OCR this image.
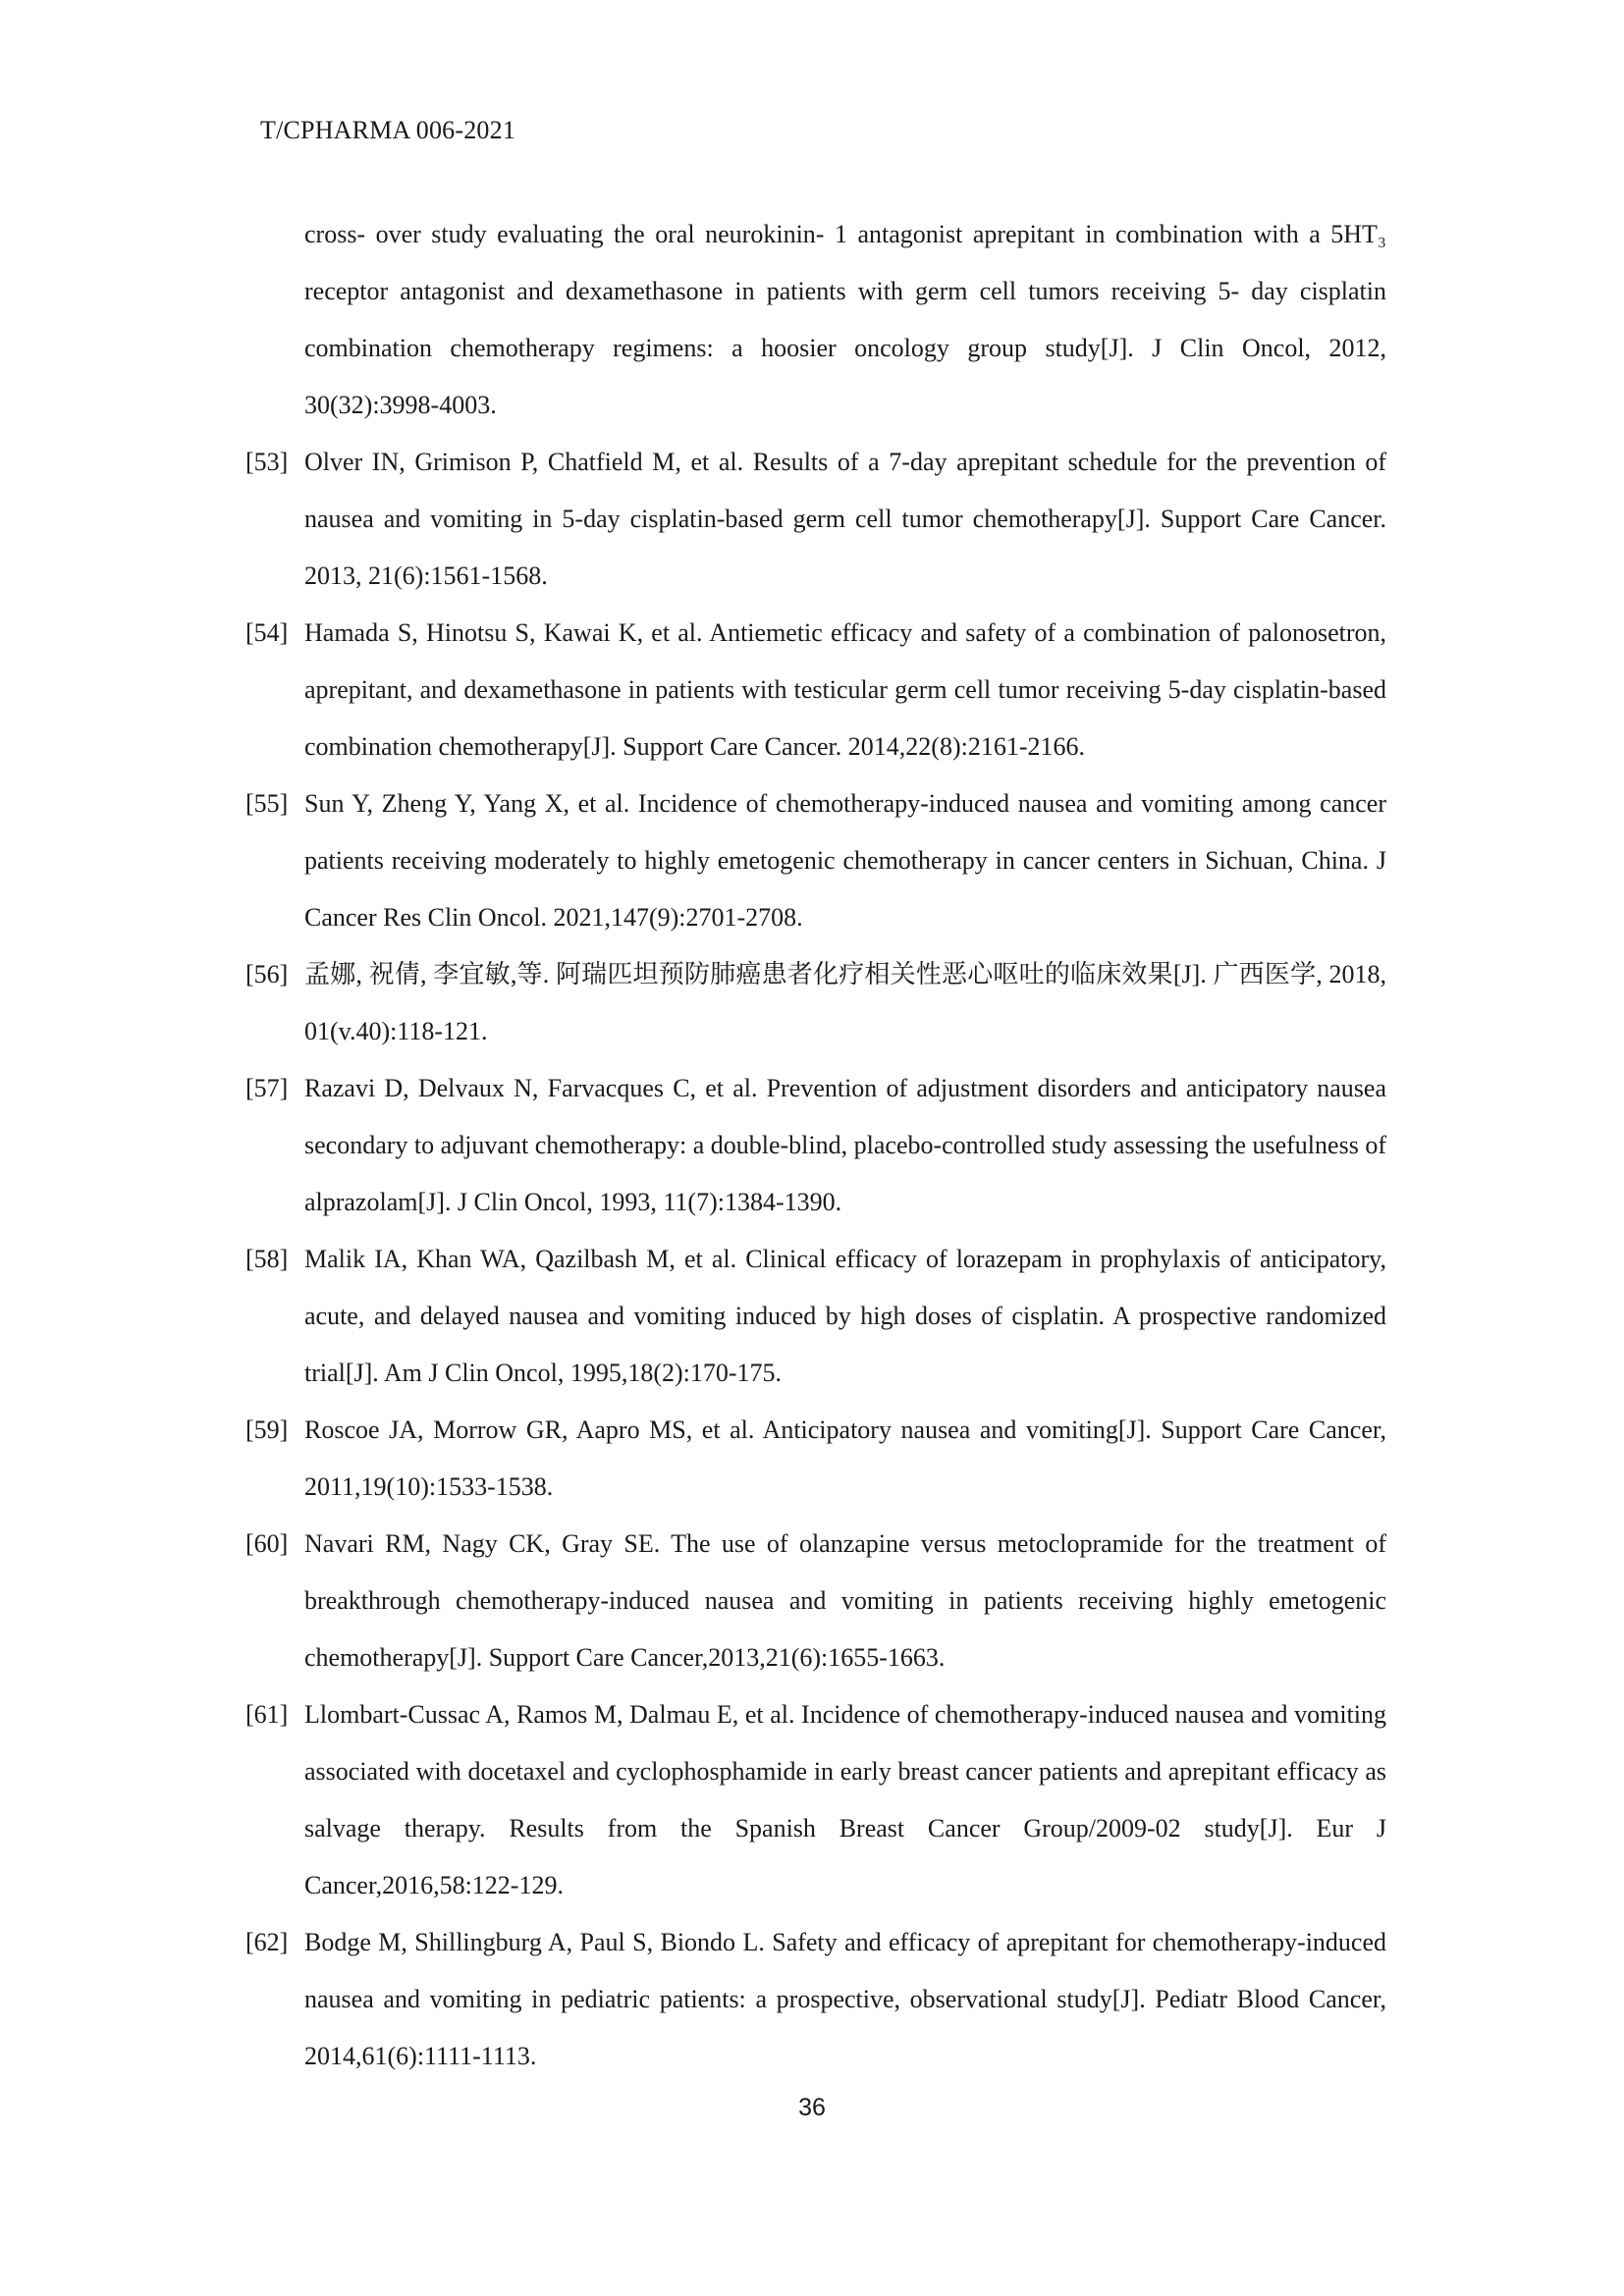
T/CPHARMA 006-2021
cross‑ over study evaluating the oral neurokinin‑ 1 antagonist aprepitant in combination with a 5HT₃ receptor antagonist and dexamethasone in patients with germ cell tumors receiving 5‑ day cisplatin combination chemotherapy regimens: a hoosier oncology group study[J]. J Clin Oncol, 2012, 30(32):3998-4003.
[53] Olver IN, Grimison P, Chatfield M, et al. Results of a 7-day aprepitant schedule for the prevention of nausea and vomiting in 5-day cisplatin-based germ cell tumor chemotherapy[J]. Support Care Cancer. 2013, 21(6):1561-1568.
[54] Hamada S, Hinotsu S, Kawai K, et al. Antiemetic efficacy and safety of a combination of palonosetron, aprepitant, and dexamethasone in patients with testicular germ cell tumor receiving 5-day cisplatin-based combination chemotherapy[J]. Support Care Cancer. 2014,22(8):2161-2166.
[55] Sun Y, Zheng Y, Yang X, et al. Incidence of chemotherapy-induced nausea and vomiting among cancer patients receiving moderately to highly emetogenic chemotherapy in cancer centers in Sichuan, China. J Cancer Res Clin Oncol. 2021,147(9):2701-2708.
[56] 孟娜, 祝倩, 李宜敏,等. 阿瑞匹坦预防肺癌患者化疗相关性恶心呕吐的临床效果[J]. 广西医学, 2018, 01(v.40):118-121.
[57] Razavi D, Delvaux N, Farvacques C, et al. Prevention of adjustment disorders and anticipatory nausea secondary to adjuvant chemotherapy: a double-blind, placebo-controlled study assessing the usefulness of alprazolam[J]. J Clin Oncol, 1993, 11(7):1384-1390.
[58] Malik IA, Khan WA, Qazilbash M, et al. Clinical efficacy of lorazepam in prophylaxis of anticipatory, acute, and delayed nausea and vomiting induced by high doses of cisplatin. A prospective randomized trial[J]. Am J Clin Oncol, 1995,18(2):170-175.
[59] Roscoe JA, Morrow GR, Aapro MS, et al. Anticipatory nausea and vomiting[J]. Support Care Cancer, 2011,19(10):1533-1538.
[60] Navari RM, Nagy CK, Gray SE. The use of olanzapine versus metoclopramide for the treatment of breakthrough chemotherapy-induced nausea and vomiting in patients receiving highly emetogenic chemotherapy[J]. Support Care Cancer,2013,21(6):1655-1663.
[61] Llombart-Cussac A, Ramos M, Dalmau E, et al. Incidence of chemotherapy-induced nausea and vomiting associated with docetaxel and cyclophosphamide in early breast cancer patients and aprepitant efficacy as salvage therapy. Results from the Spanish Breast Cancer Group/2009-02 study[J]. Eur J Cancer,2016,58:122-129.
[62] Bodge M, Shillingburg A, Paul S, Biondo L. Safety and efficacy of aprepitant for chemotherapy-induced nausea and vomiting in pediatric patients: a prospective, observational study[J]. Pediatr Blood Cancer, 2014,61(6):1111-1113.
36
